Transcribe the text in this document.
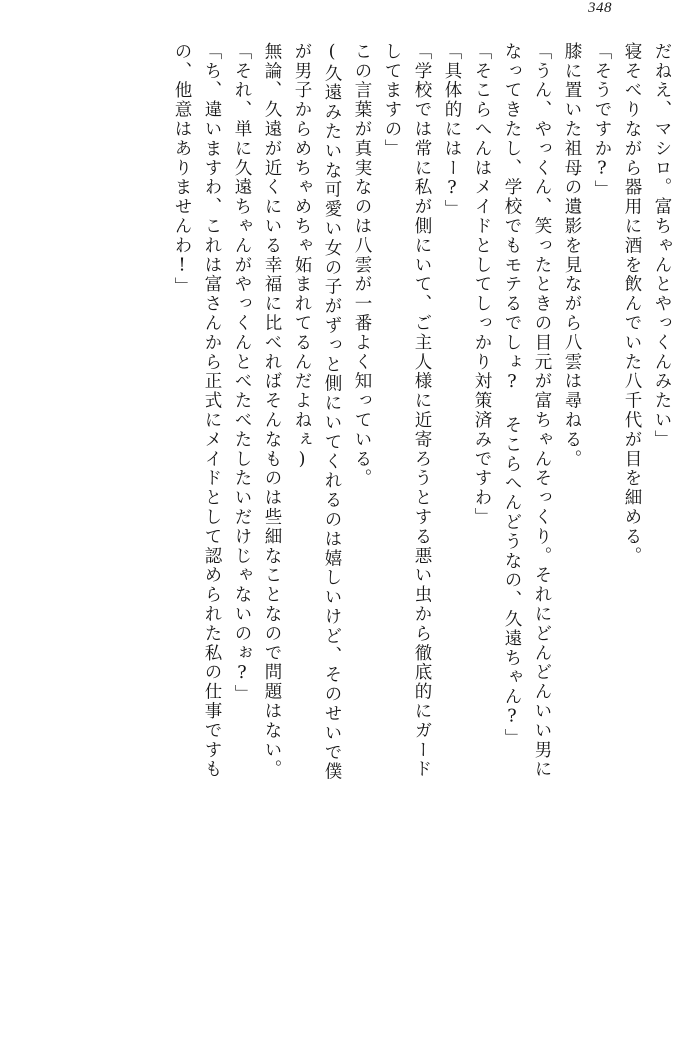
348
だねえ、マシロ。富ちゃんとやっくんみたい」
寝そべりながら器用に酒を飲んでいた八千代が目を細める。
「そうですか?」
膝に置いた祖母の遺影を見ながら八雲は尋ねる。
「うん、やっくん、笑ったときの目元が富ちゃんそっくり。それにどんどんいい男に
なってきたし、学校でもモテるでしょ? そこらへんどうなの、久遠ちゃん?」
「そこらへんはメイドとしてしっかり対策済みですわ」
「具体的にはー?」
「学校では常に私が側にいて、ご主人様に近寄ろうとする悪い虫から徹底的にガード
してますの」
この言葉が真実なのは八雲が一番よく知っている。
(久遠みたいな可愛い女の子がずっと側にいてくれるのは嬉しいけど、そのせいで僕
が男子からめちゃめちゃ妬まれてるんだよねぇ)
無論、久遠が近くにいる幸福に比べればそんなものは些細なことなので問題はない。
「それ、単に久遠ちゃんがやっくんとべたべたしたいだけじゃないのぉ?」
「ち、違いますわ、これは富さんから正式にメイドとして認められた私の仕事ですも
の、他意はありませんわ!」
